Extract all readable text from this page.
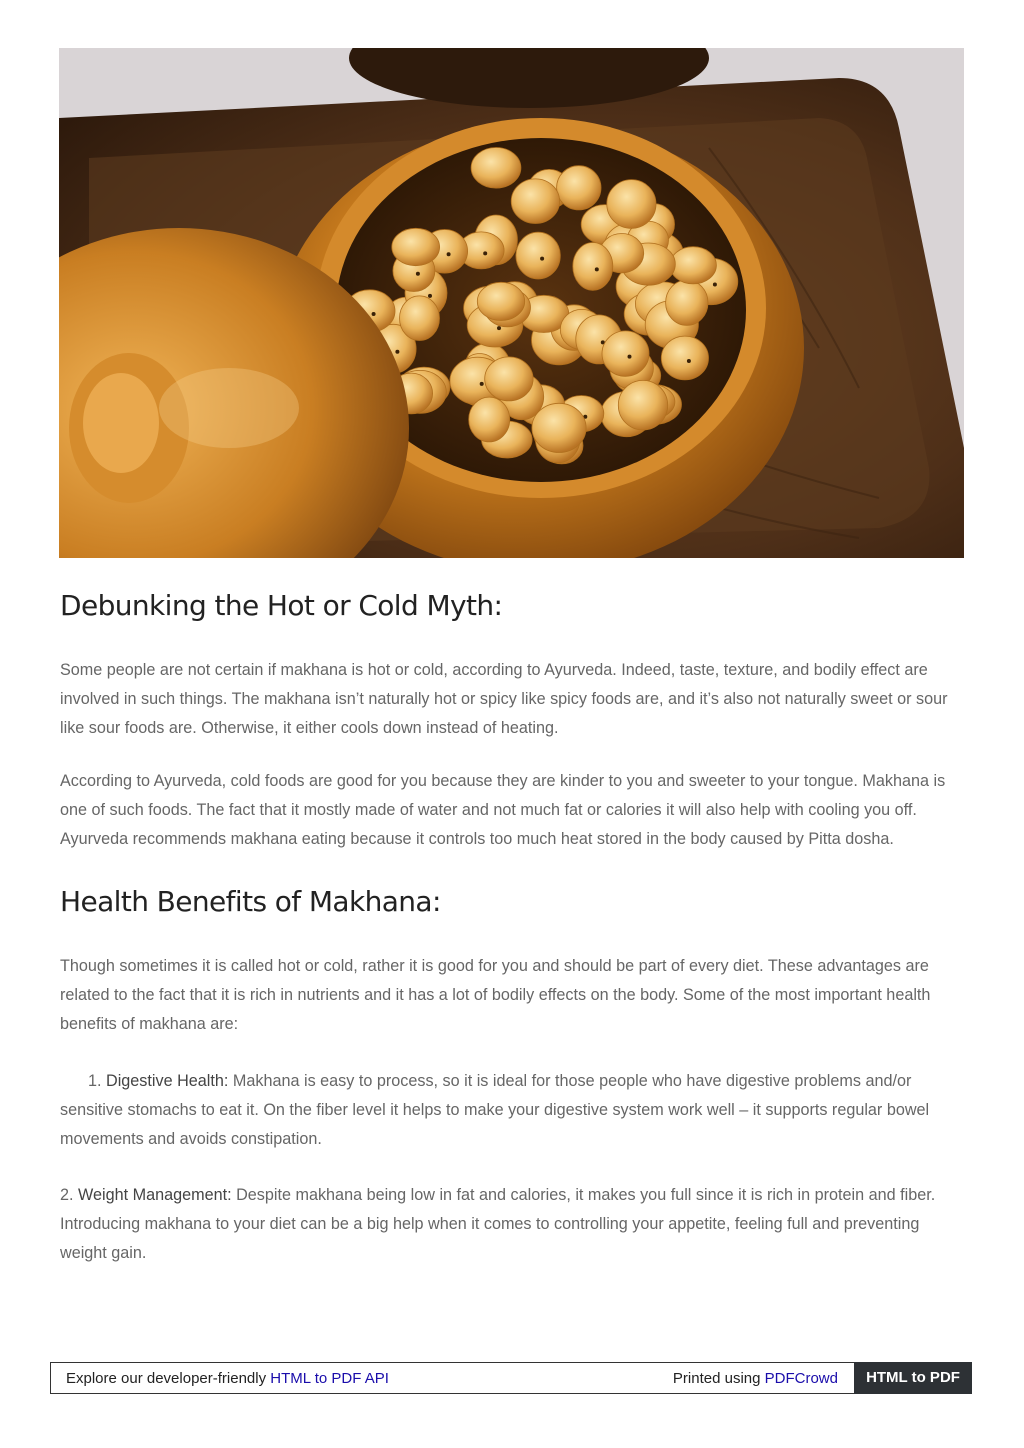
Debunking the Hot or Cold Myth:

Some people are not certain if makhana is hot or cold, according to Ayurveda. Indeed, taste, texture, and bodily effect are involved in such things. The makhana isn’t naturally hot or spicy like spicy foods are, and it’s also not naturally sweet or sour like sour foods are. Otherwise, it either cools down instead of heating.

According to Ayurveda, cold foods are good for you because they are kinder to you and sweeter to your tongue. Makhana is one of such foods. The fact that it mostly made of water and not much fat or calories it will also help with cooling you off. Ayurveda recommends makhana eating because it controls too much heat stored in the body caused by Pitta dosha.

Health Benefits of Makhana:

Though sometimes it is called hot or cold, rather it is good for you and should be part of every diet. These advantages are related to the fact that it is rich in nutrients and it has a lot of bodily effects on the body. Some of the most important health benefits of makhana are:

1. Digestive Health: Makhana is easy to process, so it is ideal for those people who have digestive problems and/or sensitive stomachs to eat it. On the fiber level it helps to make your digestive system work well – it supports regular bowel movements and avoids constipation.

2. Weight Management: Despite makhana being low in fat and calories, it makes you full since it is rich in protein and fiber. Introducing makhana to your diet can be a big help when it comes to controlling your appetite, feeling full and preventing weight gain.

Explore our developer-friendly HTML to PDF API	Printed using PDFCrowd	HTML to PDF
